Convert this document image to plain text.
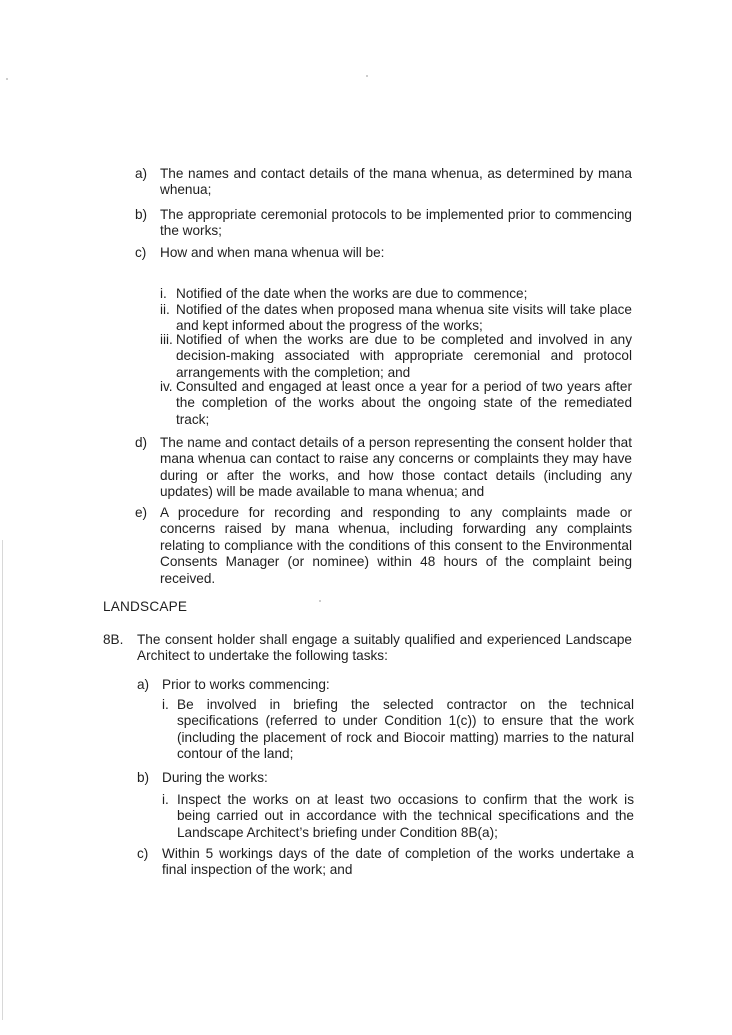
a) The names and contact details of the mana whenua, as determined by mana whenua;
b) The appropriate ceremonial protocols to be implemented prior to commencing the works;
c) How and when mana whenua will be:
i. Notified of the date when the works are due to commence;
ii. Notified of the dates when proposed mana whenua site visits will take place and kept informed about the progress of the works;
iii. Notified of when the works are due to be completed and involved in any decision-making associated with appropriate ceremonial and protocol arrangements with the completion; and
iv. Consulted and engaged at least once a year for a period of two years after the completion of the works about the ongoing state of the remediated track;
d) The name and contact details of a person representing the consent holder that mana whenua can contact to raise any concerns or complaints they may have during or after the works, and how those contact details (including any updates) will be made available to mana whenua; and
e) A procedure for recording and responding to any complaints made or concerns raised by mana whenua, including forwarding any complaints relating to compliance with the conditions of this consent to the Environmental Consents Manager (or nominee) within 48 hours of the complaint being received.
LANDSCAPE
8B. The consent holder shall engage a suitably qualified and experienced Landscape Architect to undertake the following tasks:
a) Prior to works commencing:
i. Be involved in briefing the selected contractor on the technical specifications (referred to under Condition 1(c)) to ensure that the work (including the placement of rock and Biocoir matting) marries to the natural contour of the land;
b) During the works:
i. Inspect the works on at least two occasions to confirm that the work is being carried out in accordance with the technical specifications and the Landscape Architect’s briefing under Condition 8B(a);
c) Within 5 workings days of the date of completion of the works undertake a final inspection of the work; and
